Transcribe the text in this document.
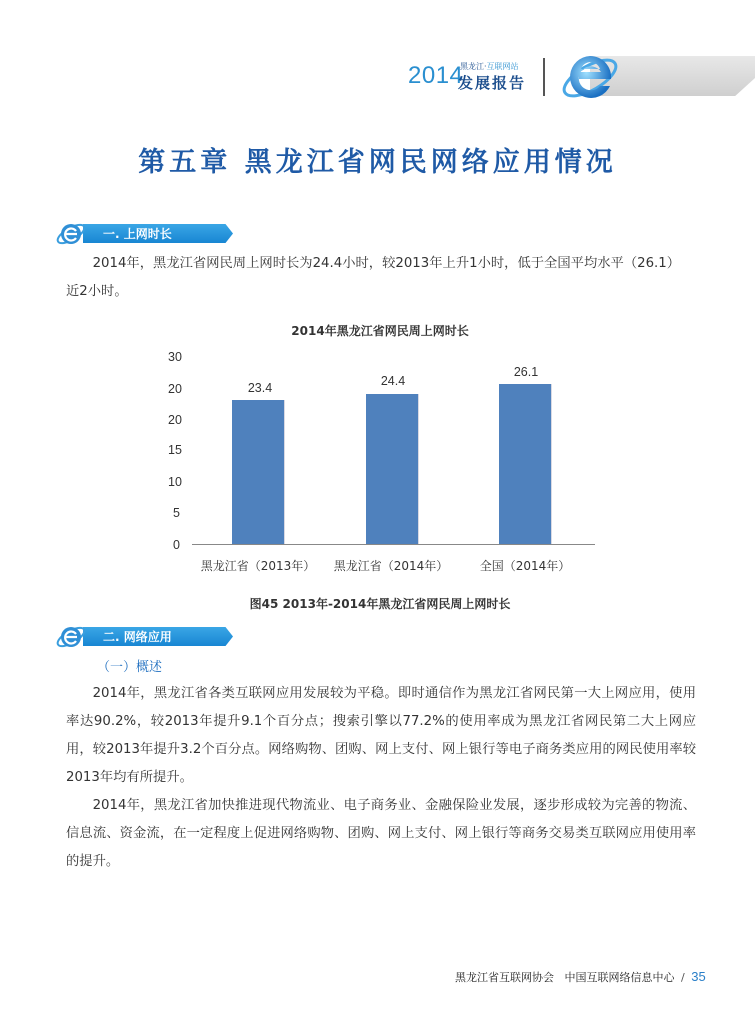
2014
黑龙江·互联网站
发展报告
第五章 黑龙江省网民网络应用情况
一. 上网时长

2014年，黑龙江省网民周上网时长为24.4小时，较2013年上升1小时，低于全国平均水平（26.1）

近2小时。

2014年黑龙江省网民周上网时长
30
20
20
15
10
5
0
23.4	24.4
26.1
黑龙江省（2013年）	黑龙江省（2014年）	全国（2014年）
图45 2013年-2014年黑龙江省网民周上网时长
二. 网络应用
（一）概述

2014年，黑龙江省各类互联网应用发展较为平稳。即时通信作为黑龙江省网民第一大上网应用，使用率达90.2%，较2013年提升9.1个百分点；搜索引擎以77.2%的使用率成为黑龙江省网民第二大上网应用，较2013年提升3.2个百分点。网络购物、团购、网上支付、网上银行等电子商务类应用的网民使用率较2013年均有所提升。

2014年，黑龙江省加快推进现代物流业、电子商务业、金融保险业发展，逐步形成较为完善的物流、信息流、资金流，在一定程度上促进网络购物、团购、网上支付、网上银行等商务交易类互联网应用使用率的提升。

黑龙江省互联网协会 中国互联网络信息中心 / 35
